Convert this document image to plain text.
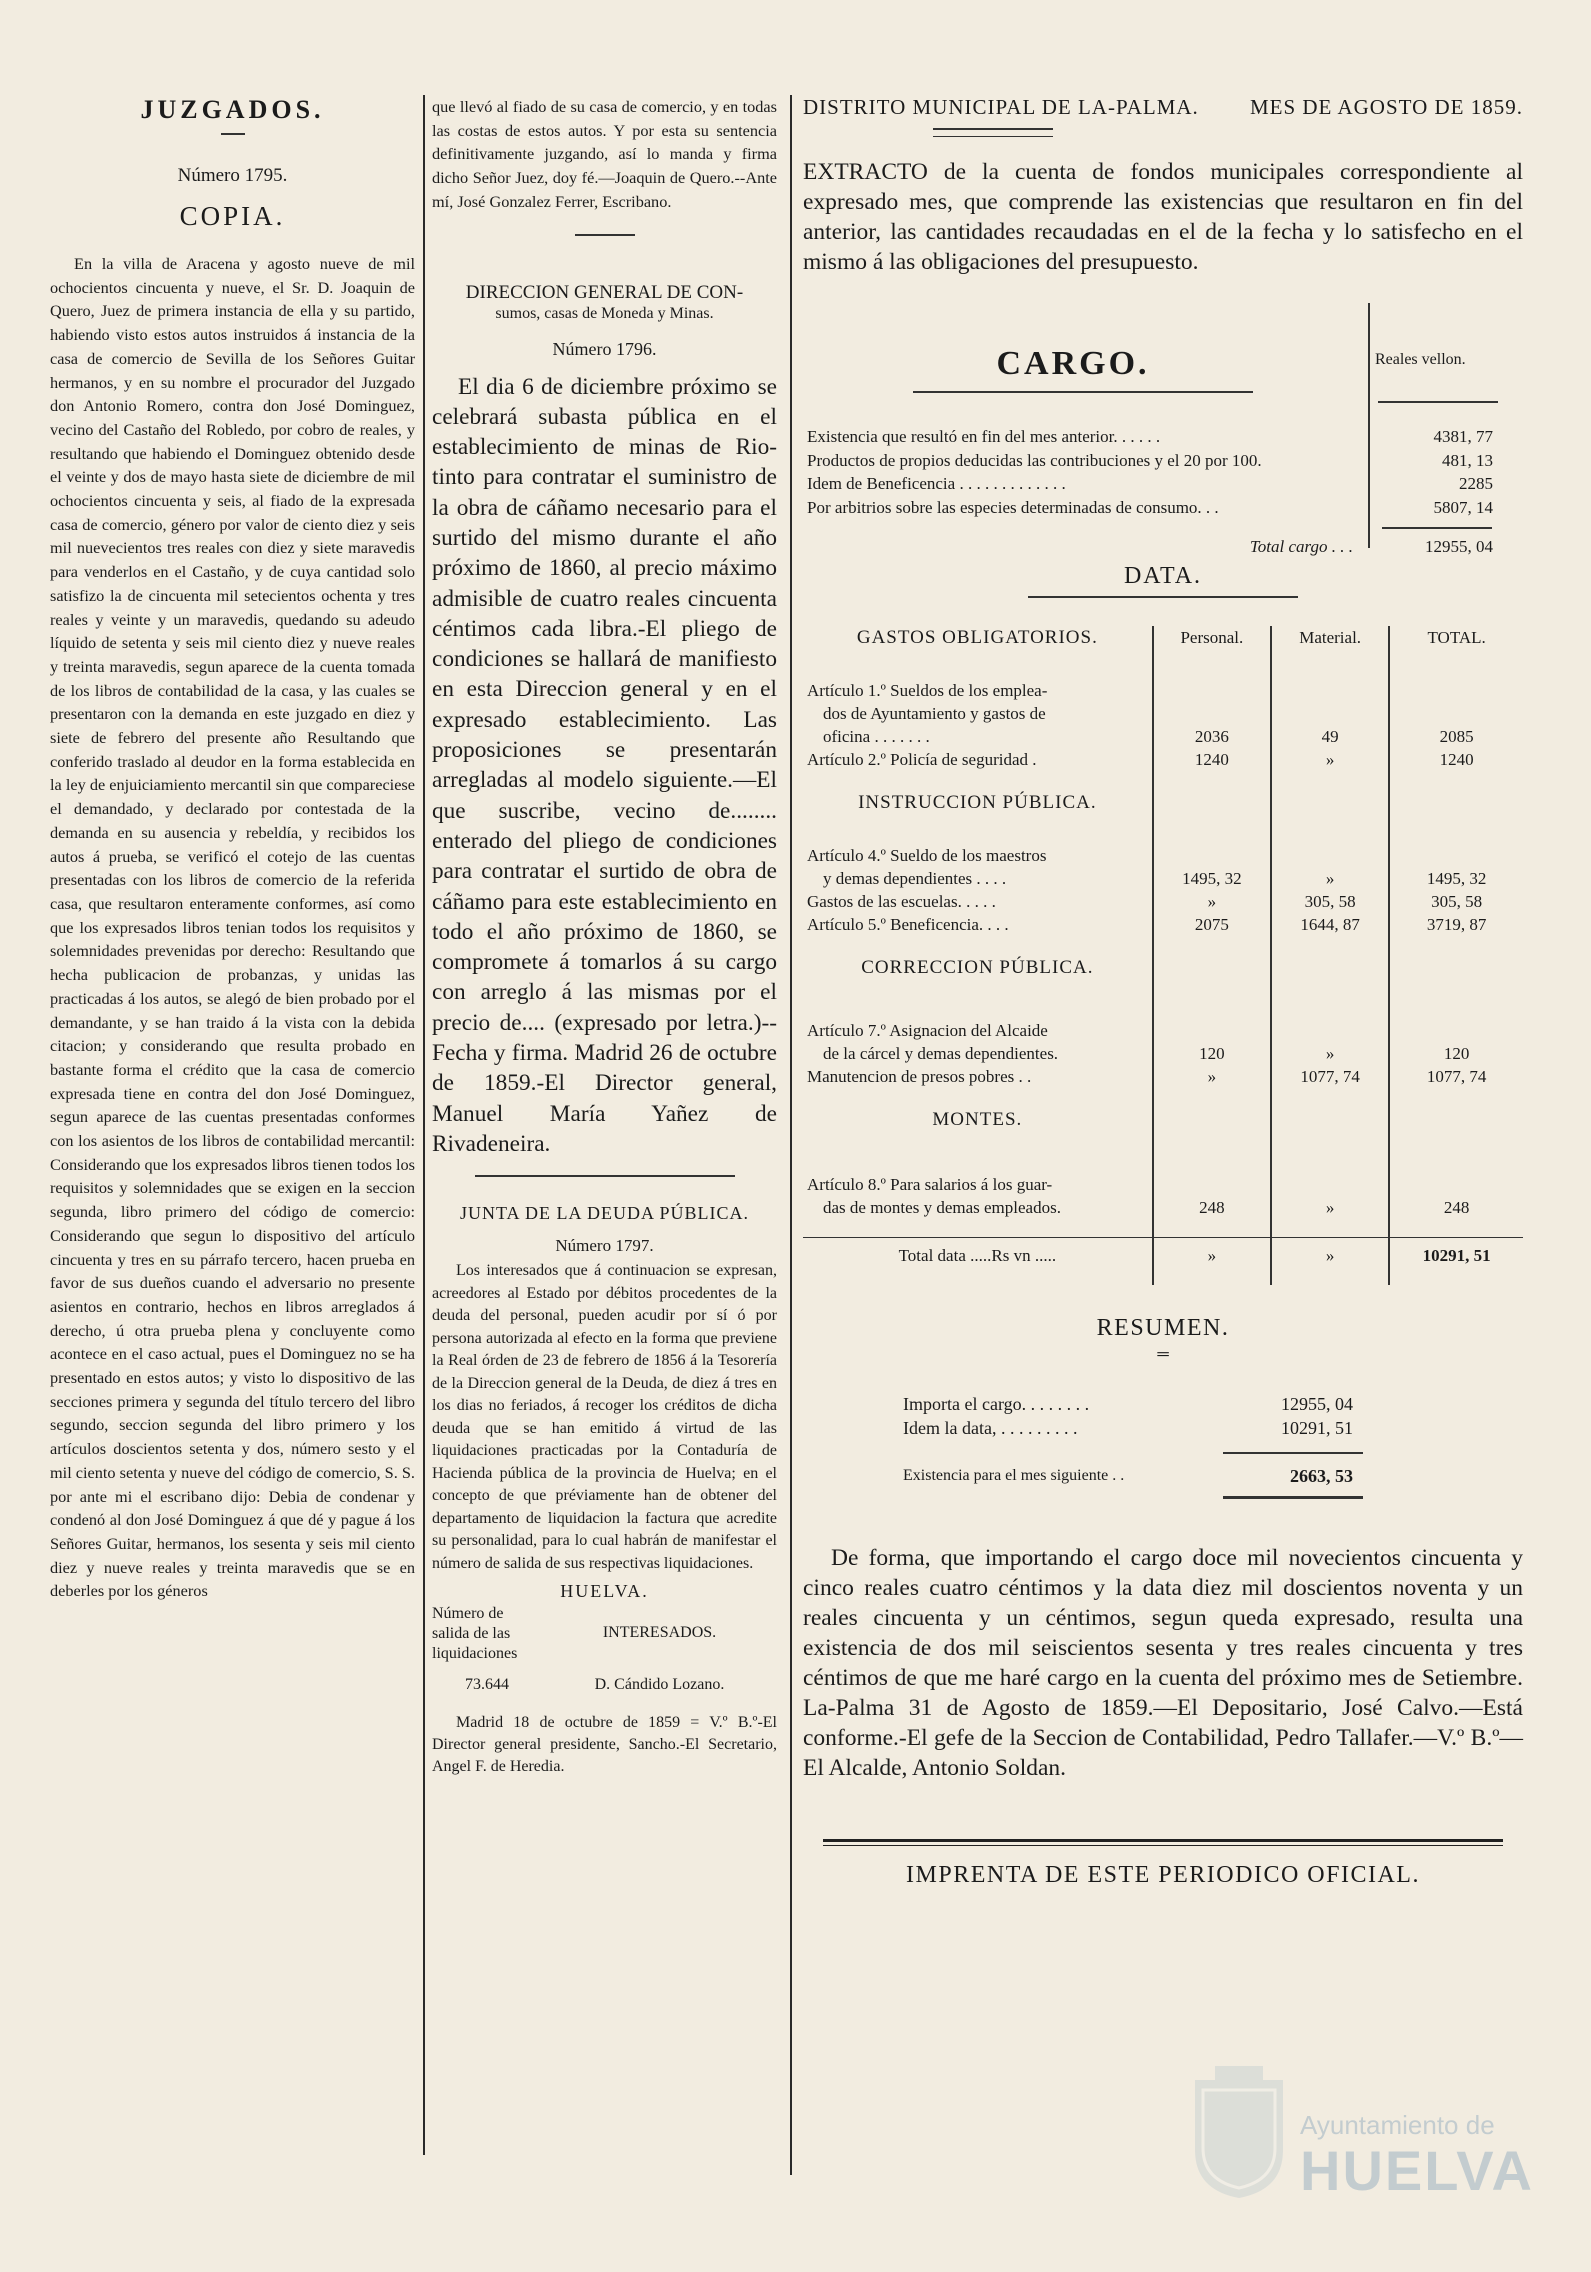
JUZGADOS.
Número 1795.
COPIA.

En la villa de Aracena y agosto nueve de mil ochocientos cincuenta y nueve, el Sr. D. Joaquin de Quero, Juez de primera instancia de ella y su partido, habiendo visto estos autos instruidos á instancia de la casa de comercio de Sevilla de los Señores Guitar hermanos, y en su nombre el procurador del Juzgado don Antonio Romero, contra don José Dominguez, vecino del Castaño del Robledo, por cobro de reales, y resultando que habiendo el Dominguez obtenido desde el veinte y dos de mayo hasta siete de diciembre de mil ochocientos cincuenta y seis, al fiado de la expresada casa de comercio, género por valor de ciento diez y seis mil nuevecientos tres reales con diez y siete maravedis para venderlos en el Castaño, y de cuya cantidad solo satisfizo la de cincuenta mil setecientos ochenta y tres reales y veinte y un maravedis, quedando su adeudo líquido de setenta y seis mil ciento diez y nueve reales y treinta maravedis, segun aparece de la cuenta tomada de los libros de contabilidad de la casa, y las cuales se presentaron con la demanda en este juzgado en diez y siete de febrero del presente año Resultando que conferido traslado al deudor en la forma establecida en la ley de enjuiciamiento mercantil sin que compareciese el demandado, y declarado por contestada de la demanda en su ausencia y rebeldía, y recibidos los autos á prueba, se verificó el cotejo de las cuentas presentadas con los libros de comercio de la referida casa, que resultaron enteramente conformes, así como que los expresados libros tenian todos los requisitos y solemnidades prevenidas por derecho: Resultando que hecha publicacion de probanzas, y unidas las practicadas á los autos, se alegó de bien probado por el demandante, y se han traido á la vista con la debida citacion; y considerando que resulta probado en bastante forma el crédito que la casa de comercio expresada tiene en contra del don José Dominguez, segun aparece de las cuentas presentadas conformes con los asientos de los libros de contabilidad mercantil: Considerando que los expresados libros tienen todos los requisitos y solemnidades que se exigen en la seccion segunda, libro primero del código de comercio: Considerando que segun lo dispositivo del artículo cincuenta y tres en su párrafo tercero, hacen prueba en favor de sus dueños cuando el adversario no presente asientos en contrario, hechos en libros arreglados á derecho, ú otra prueba plena y concluyente como acontece en el caso actual, pues el Dominguez no se ha presentado en estos autos; y visto lo dispositivo de las secciones primera y segunda del título tercero del libro segundo, seccion segunda del libro primero y los artículos doscientos setenta y dos, número sesto y el mil ciento setenta y nueve del código de comercio, S. S. por ante mi el escribano dijo: Debia de condenar y condenó al don José Dominguez á que dé y pague á los Señores Guitar, hermanos, los sesenta y seis mil ciento diez y nueve reales y treinta maravedis que se en deberles por los géneros

que llevó al fiado de su casa de comercio, y en todas las costas de estos autos. Y por esta su sentencia definitivamente juzgando, así lo manda y firma dicho Señor Juez, doy fé.—Joaquin de Quero.--Ante mí, José Gonzalez Ferrer, Escribano.
DIRECCION GENERAL DE CON-
sumos, casas de Moneda y Minas.
Número 1796.

El dia 6 de diciembre próximo se celebrará subasta pública en el establecimiento de minas de Rio-tinto para contratar el suministro de la obra de cáñamo necesario para el surtido del mismo durante el año próximo de 1860, al precio máximo admisible de cuatro reales cincuenta céntimos cada libra.-El pliego de condiciones se hallará de manifiesto en esta Direccion general y en el expresado establecimiento. Las proposiciones se presentarán arregladas al modelo siguiente.—El que suscribe, vecino de........ enterado del pliego de condiciones para contratar el surtido de obra de cáñamo para este establecimiento en todo el año próximo de 1860, se compromete á tomarlos á su cargo con arreglo á las mismas por el precio de.... (expresado por letra.)--Fecha y firma. Madrid 26 de octubre de 1859.-El Director general, Manuel María Yañez de Rivadeneira.

JUNTA DE LA DEUDA PÚBLICA.
Número 1797.

Los interesados que á continuacion se expresan, acreedores al Estado por débitos procedentes de la deuda del personal, pueden acudir por sí ó por persona autorizada al efecto en la forma que previene la Real órden de 23 de febrero de 1856 á la Tesorería de la Direccion general de la Deuda, de diez á tres en los dias no feriados, á recoger los créditos de dicha deuda que se han emitido á virtud de las liquidaciones practicadas por la Contaduría de Hacienda pública de la provincia de Huelva; en el concepto de que préviamente han de obtener del departamento de liquidacion la factura que acredite su personalidad, para lo cual habrán de manifestar el número de salida de sus respectivas liquidaciones.

HUELVA.
Número de salida de las liquidaciones	INTERESADOS.
73.644	D. Cándido Lozano.

Madrid 18 de octubre de 1859 = V.º B.º-El Director general presidente, Sancho.-El Secretario, Angel F. de Heredia.

DISTRITO MUNICIPAL DE LA-PALMA. MES DE AGOSTO DE 1859.

EXTRACTO de la cuenta de fondos municipales correspondiente al expresado mes, que comprende las existencias que resultaron en fin del anterior, las cantidades recaudadas en el de la fecha y lo satisfecho en el mismo á las obligaciones del presupuesto.

CARGO.	Reales vellon.
Existencia que resultó en fin del mes anterior. . . . . .	4381, 77
Productos de propios deducidas las contribuciones y el 20 por 100.	481, 13
Idem de Beneficencia . . . . . . . . . . . . .	2285
Por arbitrios sobre las especies determinadas de consumo. . .	5807, 14
Total cargo . . .	12955, 04
DATA.
GASTOS OBLIGATORIOS.	Personal.	Material.	TOTAL.

Artículo 1.º Sueldos de los emplea-			
dos de Ayuntamiento y gastos de			
oficina . . . . . . .	2036	49	2085
Artículo 2.º Policía de seguridad .	1240	»	1240
INSTRUCCION PÚBLICA.			
Artículo 4.º Sueldo de los maestros			
y demas dependientes . . . .	1495, 32	»	1495, 32
Gastos de las escuelas. . . . .	»	305, 58	305, 58
Artículo 5.º Beneficencia. . . .	2075	1644, 87	3719, 87
CORRECCION PÚBLICA.			
Artículo 7.º Asignacion del Alcaide			
de la cárcel y demas dependientes.	120	»	120
Manutencion de presos pobres . .	»	1077, 74	1077, 74
MONTES.			
Artículo 8.º Para salarios á los guar-			
das de montes y demas empleados.	248	»	248

Total data .....Rs vn .....	»	»	10291, 51

RESUMEN.
═
Importa el cargo. . . . . . . .	12955, 04
Idem la data, . . . . . . . . .	10291, 51
Existencia para el mes siguiente . .	2663, 53

De forma, que importando el cargo doce mil novecientos cincuenta y cinco reales cuatro céntimos y la data diez mil doscientos noventa y un reales cincuenta y un céntimos, segun queda expresado, resulta una existencia de dos mil seiscientos sesenta y tres reales cincuenta y tres céntimos de que me haré cargo en la cuenta del próximo mes de Setiembre. La-Palma 31 de Agosto de 1859.—El Depositario, José Calvo.—Está conforme.-El gefe de la Seccion de Contabilidad, Pedro Tallafer.—V.º B.º—El Alcalde, Antonio Soldan.

IMPRENTA DE ESTE PERIODICO OFICIAL.

Ayuntamiento de
HUELVA
